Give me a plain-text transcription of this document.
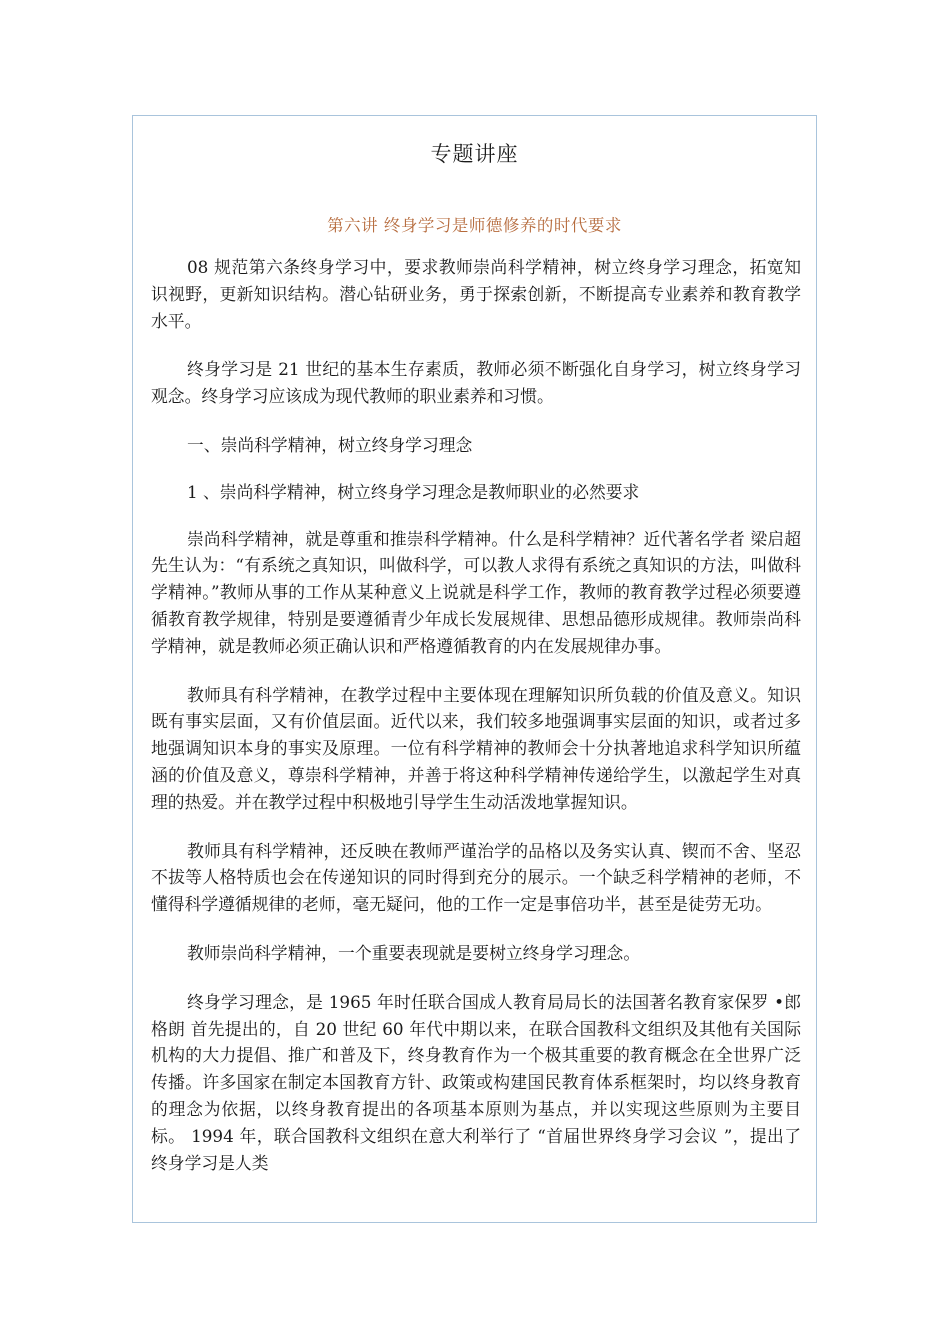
专题讲座
第六讲 终身学习是师德修养的时代要求

08 规范第六条终身学习中，要求教师崇尚科学精神，树立终身学习理念，拓宽知识视野，更新知识结构。潜心钻研业务，勇于探索创新，不断提高专业素养和教育教学水平。

终身学习是 21 世纪的基本生存素质，教师必须不断强化自身学习，树立终身学习观念。终身学习应该成为现代教师的职业素养和习惯。

一、崇尚科学精神，树立终身学习理念

1 、崇尚科学精神，树立终身学习理念是教师职业的必然要求

崇尚科学精神，就是尊重和推崇科学精神。什么是科学精神？近代著名学者 梁启超 先生认为：“有系统之真知识，叫做科学，可以教人求得有系统之真知识的方法，叫做科学精神。”教师从事的工作从某种意义上说就是科学工作，教师的教育教学过程必须要遵循教育教学规律，特别是要遵循青少年成长发展规律、思想品德形成规律。教师崇尚科学精神，就是教师必须正确认识和严格遵循教育的内在发展规律办事。

教师具有科学精神，在教学过程中主要体现在理解知识所负载的价值及意义。知识既有事实层面，又有价值层面。近代以来，我们较多地强调事实层面的知识，或者过多地强调知识本身的事实及原理。一位有科学精神的教师会十分执著地追求科学知识所蕴涵的价值及意义，尊崇科学精神，并善于将这种科学精神传递给学生，以激起学生对真理的热爱。并在教学过程中积极地引导学生生动活泼地掌握知识。

教师具有科学精神，还反映在教师严谨治学的品格以及务实认真、锲而不舍、坚忍不拔等人格特质也会在传递知识的同时得到充分的展示。一个缺乏科学精神的老师，不懂得科学遵循规律的老师，毫无疑问，他的工作一定是事倍功半，甚至是徒劳无功。

教师崇尚科学精神，一个重要表现就是要树立终身学习理念。

终身学习理念，是 1965 年时任联合国成人教育局局长的法国著名教育家保罗 •郎格朗 首先提出的，自 20 世纪 60 年代中期以来，在联合国教科文组织及其他有关国际机构的大力提倡、推广和普及下，终身教育作为一个极其重要的教育概念在全世界广泛传播。许多国家在制定本国教育方针、政策或构建国民教育体系框架时，均以终身教育的理念为依据，以终身教育提出的各项基本原则为基点，并以实现这些原则为主要目标。 1994 年，联合国教科文组织在意大利举行了 “首届世界终身学习会议 ”，提出了终身学习是人类
